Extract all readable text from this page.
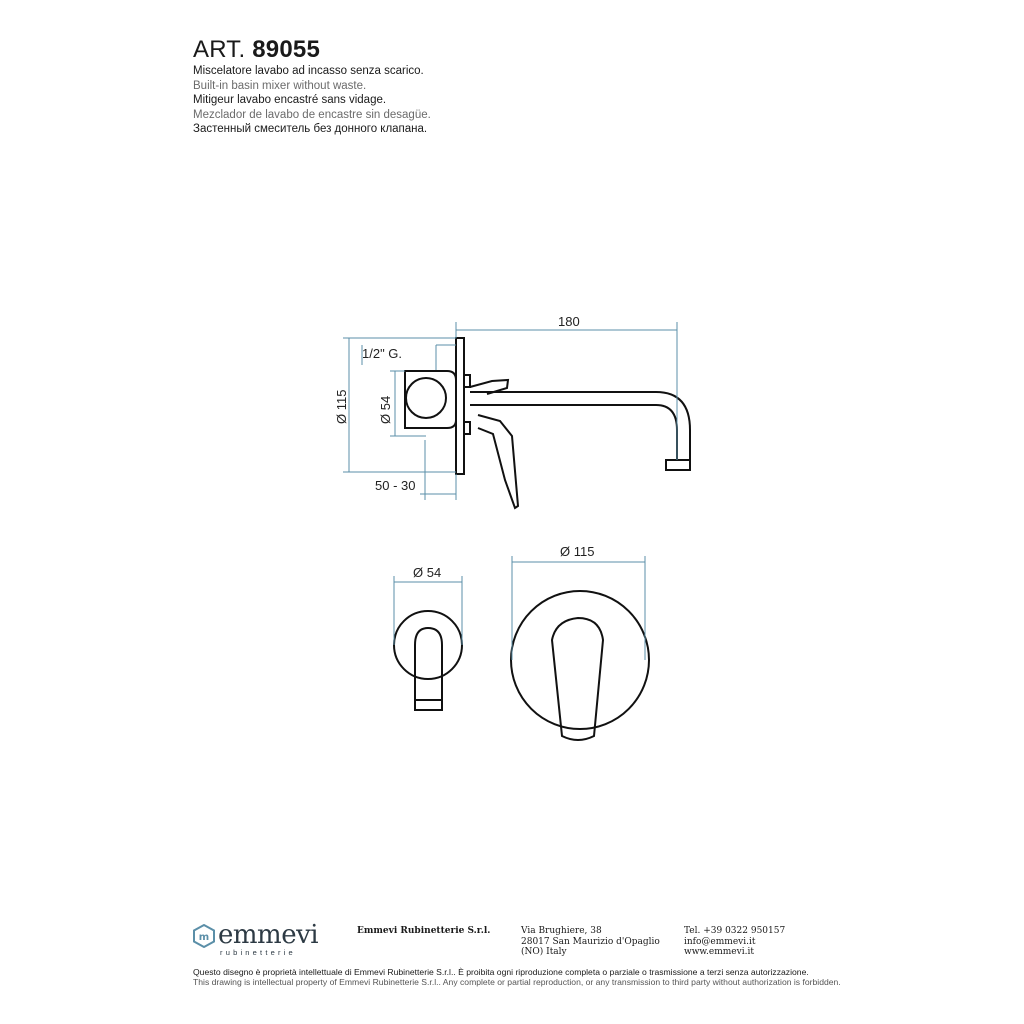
ART. 89055
Miscelatore lavabo ad incasso senza scarico.
Built-in basin mixer without waste.
Mitigeur lavabo encastré sans vidage.
Mezclador de lavabo de encastre sin desagüe.
Застенный смеситель без донного клапана.
180
1/2" G.
Ø 115 Ø 54
50 - 30
Ø 54
Ø 115
m emmevi
rubinetterie
Emmevi Rubinetterie S.r.l.	Via Brughiere, 38
28017 San Maurizio d'Opaglio
(NO) Italy
Tel. +39 0322 950157
info@emmevi.it
www.emmevi.it
Questo disegno è proprietà intellettuale di Emmevi Rubinetterie S.r.l.. È proibita ogni riproduzione completa o parziale o trasmissione a terzi senza autorizzazione.
This drawing is intellectual property of Emmevi Rubinetterie S.r.l.. Any complete or partial reproduction, or any transmission to third party without authorization is forbidden.
